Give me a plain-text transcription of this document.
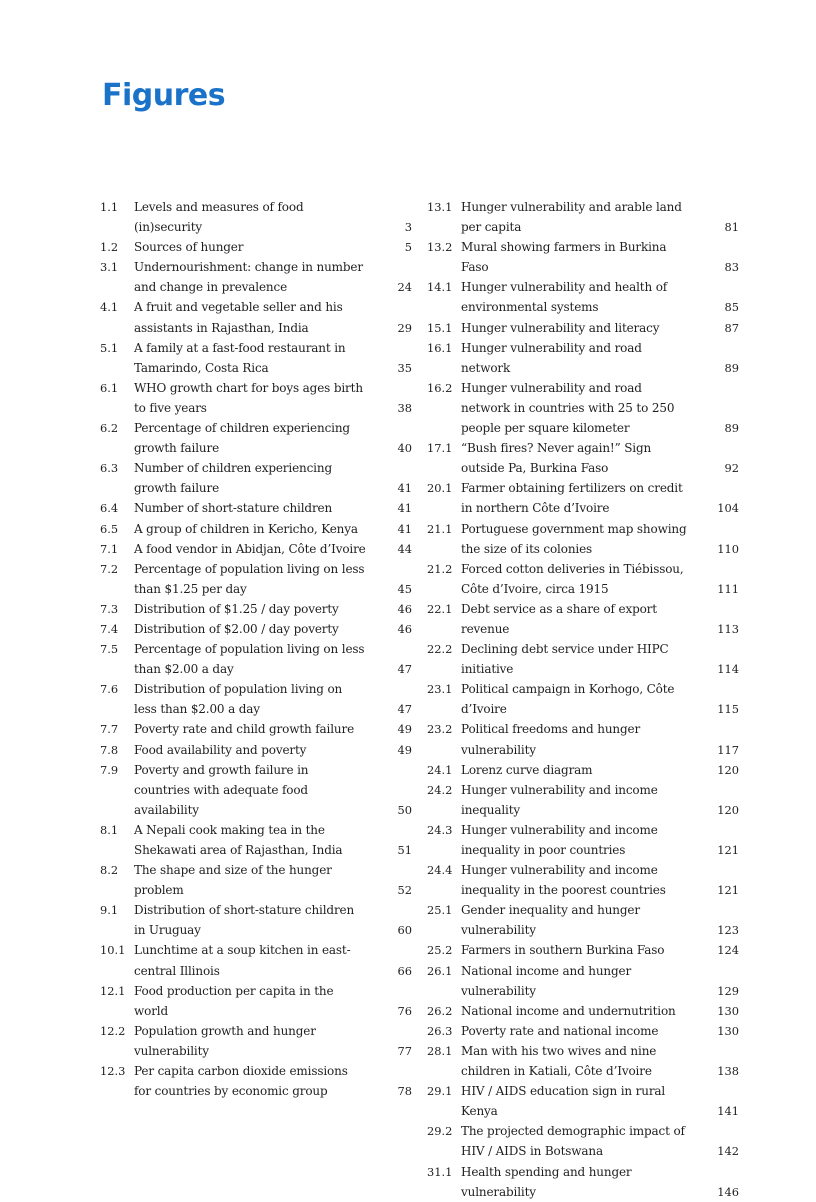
Figures
1.1	Levels and measures of food (in)security	3
1.2	Sources of hunger	5
3.1	Undernourishment: change in number and change in prevalence	24
4.1	A fruit and vegetable seller and his assistants in Rajasthan, India	29
5.1	A family at a fast-food restaurant in Tamarindo, Costa Rica	35
6.1	WHO growth chart for boys ages birth to five years	38
6.2	Percentage of children experiencing growth failure	40
6.3	Number of children experiencing growth failure	41
6.4	Number of short-stature children	41
6.5	A group of children in Kericho, Kenya	41
7.1	A food vendor in Abidjan, Côte d’Ivoire	44
7.2	Percentage of population living on less than $1.25 per day	45
7.3	Distribution of $1.25 / day poverty	46
7.4	Distribution of $2.00 / day poverty	46
7.5	Percentage of population living on less than $2.00 a day	47
7.6	Distribution of population living on less than $2.00 a day	47
7.7	Poverty rate and child growth failure	49
7.8	Food availability and poverty	49
7.9	Poverty and growth failure in countries with adequate food availability	50
8.1	A Nepali cook making tea in the Shekawati area of Rajasthan, India	51
8.2	The shape and size of the hunger problem	52
9.1	Distribution of short-stature children in Uruguay	60
10.1 Lunchtime at a soup kitchen in east-central Illinois	66
12.1 Food production per capita in the world	76
12.2 Population growth and hunger vulnerability	77
12.3 Per capita carbon dioxide emissions for countries by economic group	78
13.1 Hunger vulnerability and arable land per capita	81
13.2 Mural showing farmers in Burkina Faso	83
14.1 Hunger vulnerability and health of environmental systems	85
15.1 Hunger vulnerability and literacy	87
16.1 Hunger vulnerability and road network	89
16.2 Hunger vulnerability and road network in countries with 25 to 250 people per square kilometer	89
17.1 “Bush fires? Never again!” Sign outside Pa, Burkina Faso	92
20.1 Farmer obtaining fertilizers on credit in northern Côte d’Ivoire	104
21.1 Portuguese government map showing the size of its colonies	110
21.2 Forced cotton deliveries in Tiébissou, Côte d’Ivoire, circa 1915	111
22.1 Debt service as a share of export revenue	113
22.2 Declining debt service under HIPC initiative	114
23.1 Political campaign in Korhogo, Côte d’Ivoire	115
23.2 Political freedoms and hunger vulnerability	117
24.1 Lorenz curve diagram	120
24.2 Hunger vulnerability and income inequality	120
24.3 Hunger vulnerability and income inequality in poor countries	121
24.4 Hunger vulnerability and income inequality in the poorest countries	121
25.1 Gender inequality and hunger vulnerability	123
25.2 Farmers in southern Burkina Faso	124
26.1 National income and hunger vulnerability	129
26.2 National income and undernutrition	130
26.3 Poverty rate and national income	130
28.1 Man with his two wives and nine children in Katiali, Côte d’Ivoire	138
29.1 HIV / AIDS education sign in rural Kenya	141
29.2 The projected demographic impact of HIV / AIDS in Botswana	142
31.1 Health spending and hunger vulnerability	146
